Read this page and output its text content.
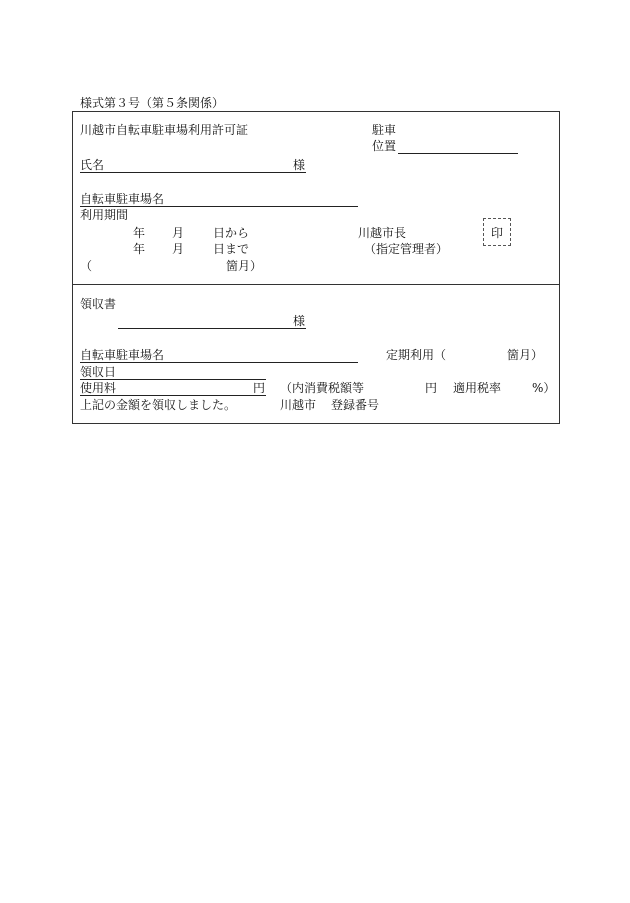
様式第３号（第５条関係）
川越市自転車駐車場利用許可証	駐車
位置
氏名	様
自転車駐車場名
利用期間
年 月 日から
年 月 日まで
（	箇月）
川越市長
（指定管理者）
印
領収書
様
自転車駐車場名	定期利用（	箇月）
領収日
使用料	円 （内消費税額等	円 適用税率	%）
上記の金額を領収しました。	川越市 登録番号
